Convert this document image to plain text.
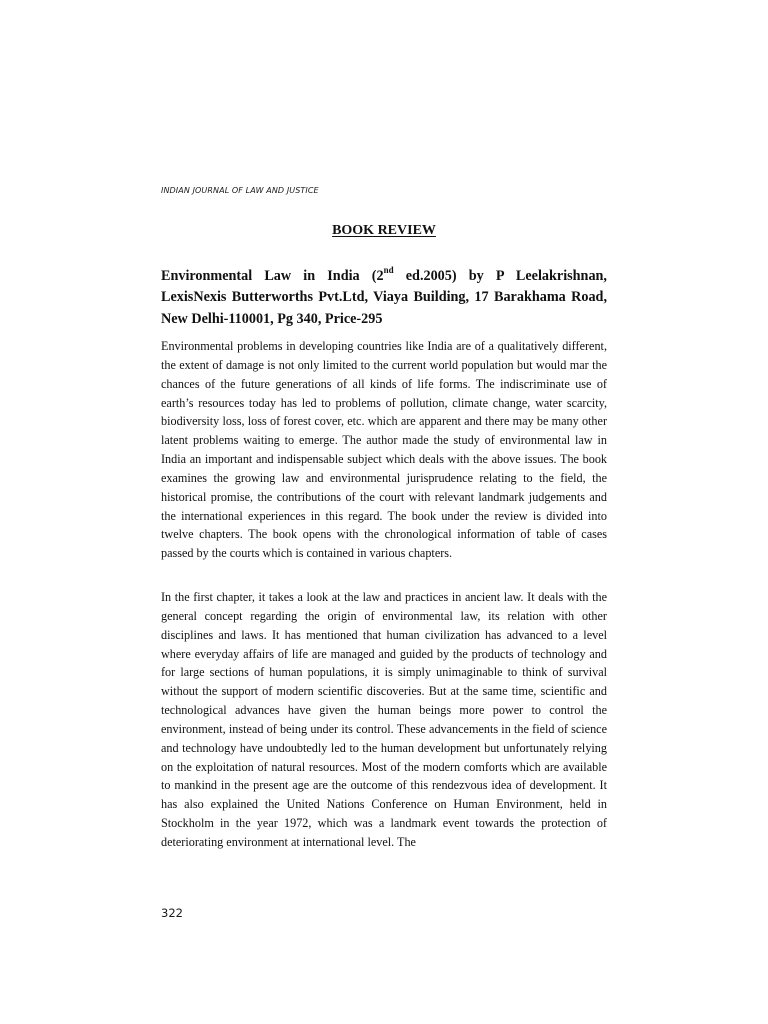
INDIAN JOURNAL OF LAW AND JUSTICE
BOOK REVIEW

Environmental Law in India (2nd ed.2005) by P Leelakrishnan, LexisNexis Butterworths Pvt.Ltd, Viaya Building, 17 Barakhama Road, New Delhi-110001, Pg 340, Price-295

Environmental problems in developing countries like India are of a qualitatively different, the extent of damage is not only limited to the current world population but would mar the chances of the future generations of all kinds of life forms. The indiscriminate use of earth’s resources today has led to problems of pollution, climate change, water scarcity, biodiversity loss, loss of forest cover, etc. which are apparent and there may be many other latent problems waiting to emerge. The author made the study of environmental law in India an important and indispensable subject which deals with the above issues. The book examines the growing law and environmental jurisprudence relating to the field, the historical promise, the contributions of the court with relevant landmark judgements and the international experiences in this regard. The book under the review is divided into twelve chapters. The book opens with the chronological information of table of cases passed by the courts which is contained in various chapters.

In the first chapter, it takes a look at the law and practices in ancient law. It deals with the general concept regarding the origin of environmental law, its relation with other disciplines and laws. It has mentioned that human civilization has advanced to a level where everyday affairs of life are managed and guided by the products of technology and for large sections of human populations, it is simply unimaginable to think of survival without the support of modern scientific discoveries. But at the same time, scientific and technological advances have given the human beings more power to control the environment, instead of being under its control. These advancements in the field of science and technology have undoubtedly led to the human development but unfortunately relying on the exploitation of natural resources. Most of the modern comforts which are available to mankind in the present age are the outcome of this rendezvous idea of development. It has also explained the United Nations Conference on Human Environment, held in Stockholm in the year 1972, which was a landmark event towards the protection of deteriorating environment at international level. The

322
